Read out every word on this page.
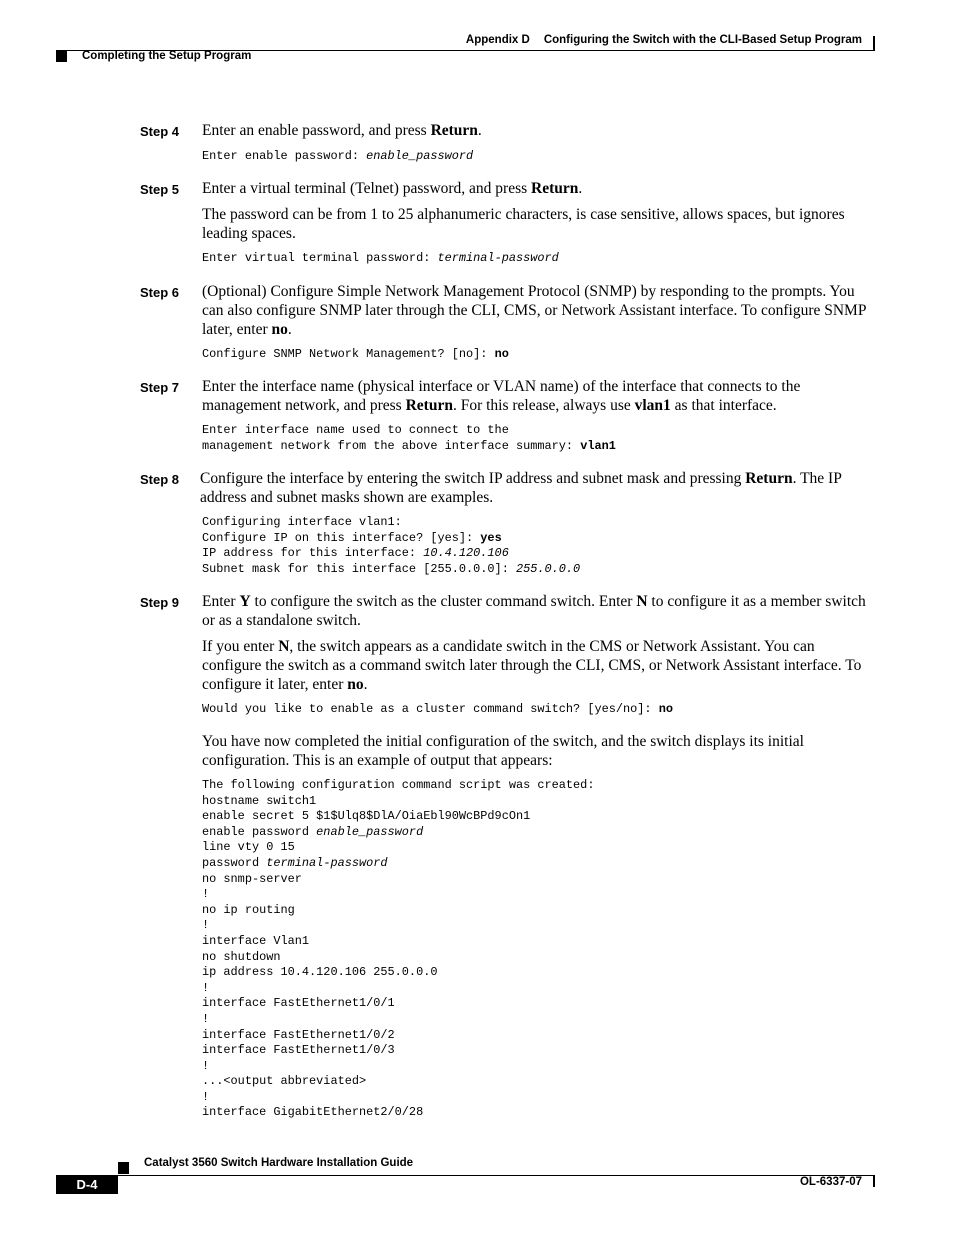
Appendix D Configuring the Switch with the CLI-Based Setup Program
Completing the Setup Program
Step 4 Enter an enable password, and press Return.
Enter enable password: enable_password
Step 5 Enter a virtual terminal (Telnet) password, and press Return.
The password can be from 1 to 25 alphanumeric characters, is case sensitive, allows spaces, but ignores leading spaces.
Enter virtual terminal password: terminal-password
Step 6 (Optional) Configure Simple Network Management Protocol (SNMP) by responding to the prompts. You can also configure SNMP later through the CLI, CMS, or Network Assistant interface. To configure SNMP later, enter no.
Configure SNMP Network Management? [no]: no
Step 7 Enter the interface name (physical interface or VLAN name) of the interface that connects to the management network, and press Return. For this release, always use vlan1 as that interface.
Enter interface name used to connect to the
management network from the above interface summary: vlan1
Step 8 Configure the interface by entering the switch IP address and subnet mask and pressing Return. The IP address and subnet masks shown are examples.
Configuring interface vlan1:
Configure IP on this interface? [yes]: yes
IP address for this interface: 10.4.120.106
Subnet mask for this interface [255.0.0.0]: 255.0.0.0
Step 9 Enter Y to configure the switch as the cluster command switch. Enter N to configure it as a member switch or as a standalone switch.
If you enter N, the switch appears as a candidate switch in the CMS or Network Assistant. You can configure the switch as a command switch later through the CLI, CMS, or Network Assistant interface. To configure it later, enter no.
Would you like to enable as a cluster command switch? [yes/no]: no
You have now completed the initial configuration of the switch, and the switch displays its initial configuration. This is an example of output that appears:
The following configuration command script was created:
hostname switch1
enable secret 5 $1$Ulq8$DlA/OiaEbl90WcBPd9cOn1
enable password enable_password
line vty 0 15
password terminal-password
no snmp-server
!
no ip routing
!
interface Vlan1
no shutdown
ip address 10.4.120.106 255.0.0.0
!
interface FastEthernet1/0/1
!
interface FastEthernet1/0/2
interface FastEthernet1/0/3
!
...<output abbreviated>
!
interface GigabitEthernet2/0/28
Catalyst 3560 Switch Hardware Installation Guide
D-4	OL-6337-07
